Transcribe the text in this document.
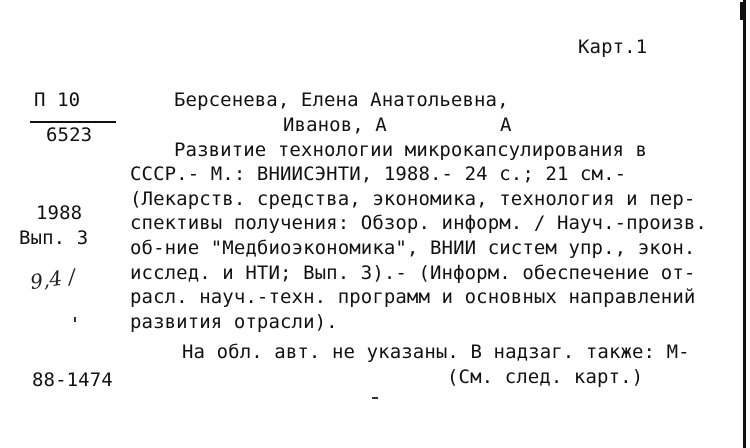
Карт.1
П 10
6523
1988
Вып. 3
9,4 /
Берсенева, Елена Анатольевна,
Иванов, А	А
Развитие технологии микрокапсулирования в
СССР.- М.: ВНИИСЭНТИ, 1988.- 24 с.; 21 см.-
(Лекарств. средства, экономика, технология и пер-
спективы получения: Обзор. информ. / Науч.-произв.
об-ние "Медбиоэкономика", ВНИИ систем упр., экон.
исслед. и НТИ; Вып. 3).- (Информ. обеспечение от-
расл. науч.-техн. программ и основных направлений
развития отрасли).
На обл. авт. не указаны. В надзаг. также: М-
88-1474	(См. след. карт.)
